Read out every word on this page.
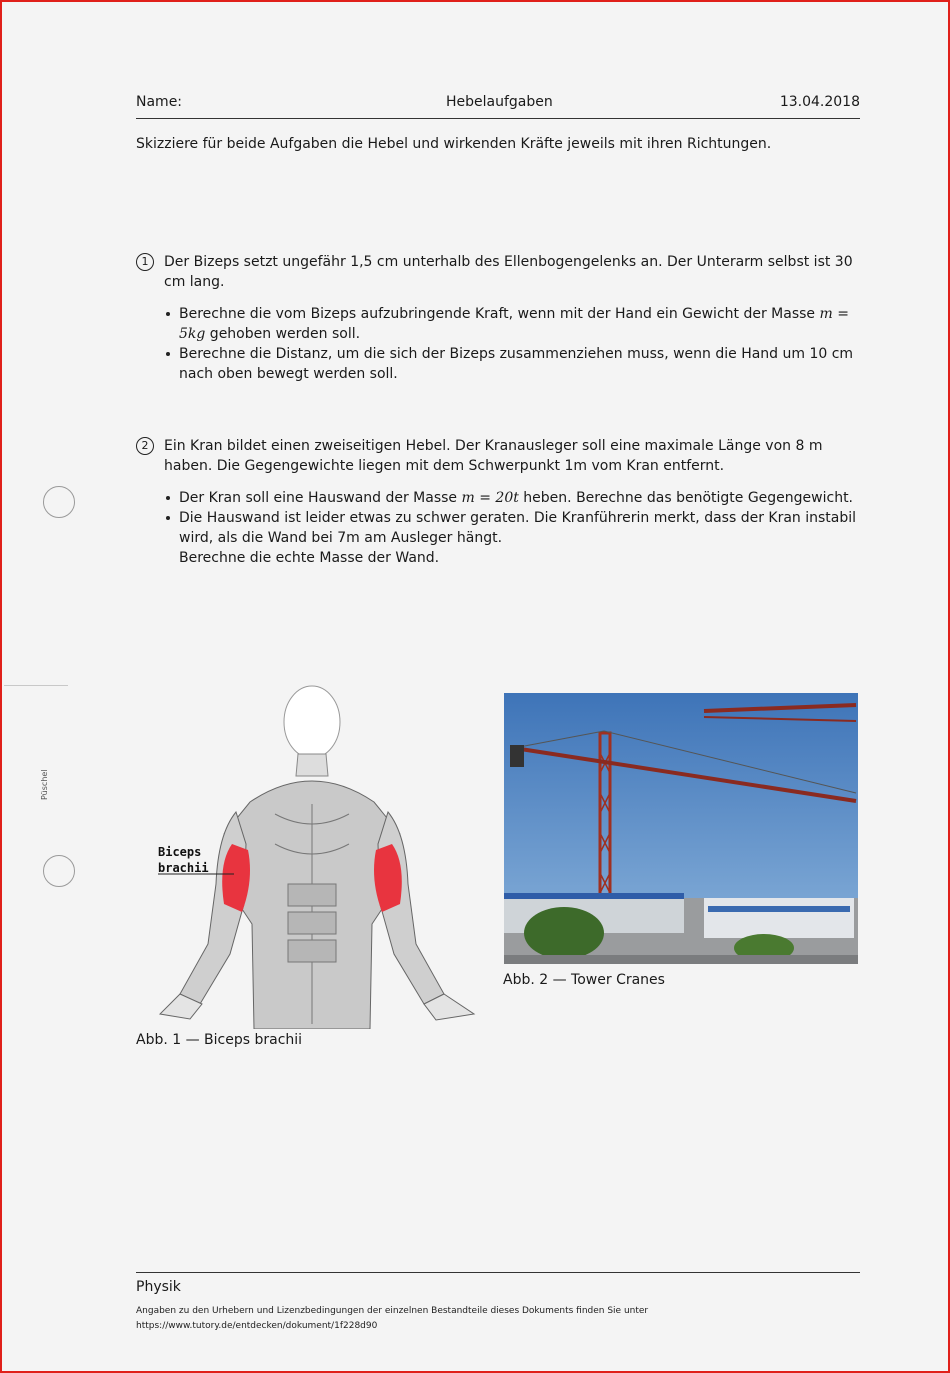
Name:	Hebelaufgaben	13.04.2018
Skizziere für beide Aufgaben die Hebel und wirkenden Kräfte jeweils mit ihren Richtungen.
1	Der Bizeps setzt ungefähr 1,5 cm unterhalb des Ellenbogengelenks an. Der Unterarm selbst ist 30 cm lang.
Berechne die vom Bizeps aufzubringende Kraft, wenn mit der Hand ein Gewicht der Masse m = 5kg gehoben werden soll.
Berechne die Distanz, um die sich der Bizeps zusammenziehen muss, wenn die Hand um 10 cm nach oben bewegt werden soll.
2	Ein Kran bildet einen zweiseitigen Hebel. Der Kranausleger soll eine maximale Länge von 8 m haben. Die Gegengewichte liegen mit dem Schwerpunkt 1m vom Kran entfernt.
Der Kran soll eine Hauswand der Masse m = 20t heben. Berechne das benötigte Gegengewicht.
Die Hauswand ist leider etwas zu schwer geraten. Die Kranführerin merkt, dass der Kran instabil wird, als die Wand bei 7m am Ausleger hängt.
Berechne die echte Masse der Wand.
Püschel
Biceps
brachii
Abb. 1 — Biceps brachii
Abb. 2 — Tower Cranes
Physik
Angaben zu den Urhebern und Lizenzbedingungen der einzelnen Bestandteile dieses Dokuments finden Sie unter
https://www.tutory.de/entdecken/dokument/1f228d90
